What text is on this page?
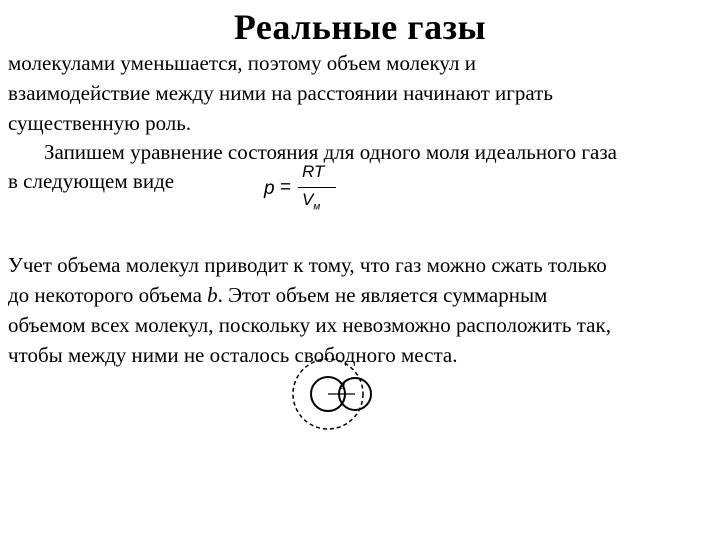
Реальные газы
молекулами уменьшается, поэтому объем молекул и
взаимодействие между ними на расстоянии начинают играть
существенную роль.
Запишем уравнение состояния для одного моля идеального газа
в следующем виде	p =
RT
$V_м$
Учет объема молекул приводит к тому, что газ можно сжать только
до некоторого объема b. Этот объем не является суммарным
объемом всех молекул, поскольку их невозможно расположить так,
чтобы между ними не осталось свободного места.
d
